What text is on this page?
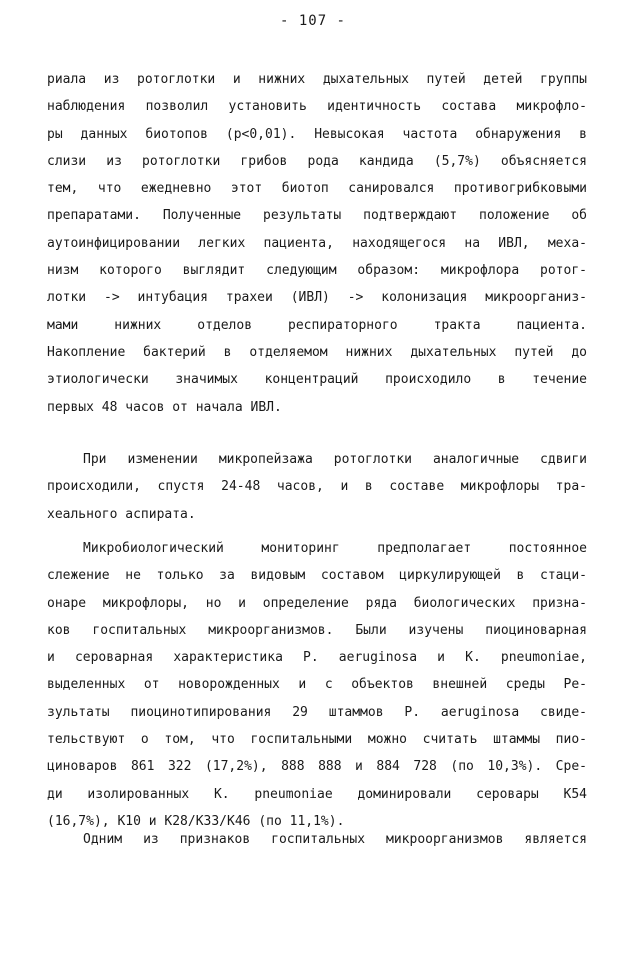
- 107 -
риала из ротоглотки и нижних дыхательных путей детей группы
наблюдения позволил установить идентичность состава микрофло-
ры данных биотопов (р<0,01). Невысокая частота обнаружения в
слизи из ротоглотки грибов рода кандида (5,7%) объясняется
тем, что ежедневно этот биотоп санировался противогрибковыми
препаратами. Полученные результаты подтверждают положение об
аутоинфицировании легких пациента, находящегося на ИВЛ, меха-
низм которого выглядит следующим образом: микрофлора ротог-
лотки -> интубация трахеи (ИВЛ) -> колонизация микроорганиз-
мами нижних отделов респираторного тракта пациента.
Накопление бактерий в отделяемом нижних дыхательных путей до
этиологически значимых концентраций происходило в течение
первых 48 часов от начала ИВЛ.
При изменении микропейзажа ротоглотки аналогичные сдвиги
происходили, спустя 24-48 часов, и в составе микрофлоры тра-
хеального аспирата.
Микробиологический мониторинг предполагает постоянное
слежение не только за видовым составом циркулирующей в стаци-
онаре микрофлоры, но и определение ряда биологических призна-
ков госпитальных микроорганизмов. Были изучены пиоциноварная
и сероварная характеристика P. aeruginosa и K. pneumoniae,
выделенных от новорожденных и с объектов внешней среды Ре-
зультаты пиоцинотипирования 29 штаммов P. aeruginosa свиде-
тельствуют о том, что госпитальными можно считать штаммы пио-
циноваров 861 322 (17,2%), 888 888 и 884 728 (по 10,3%). Сре-
ди изолированных K. pneumoniae доминировали серовары K54
(16,7%), K10 и K28/K33/K46 (по 11,1%).
Одним из признаков госпитальных микроорганизмов является
